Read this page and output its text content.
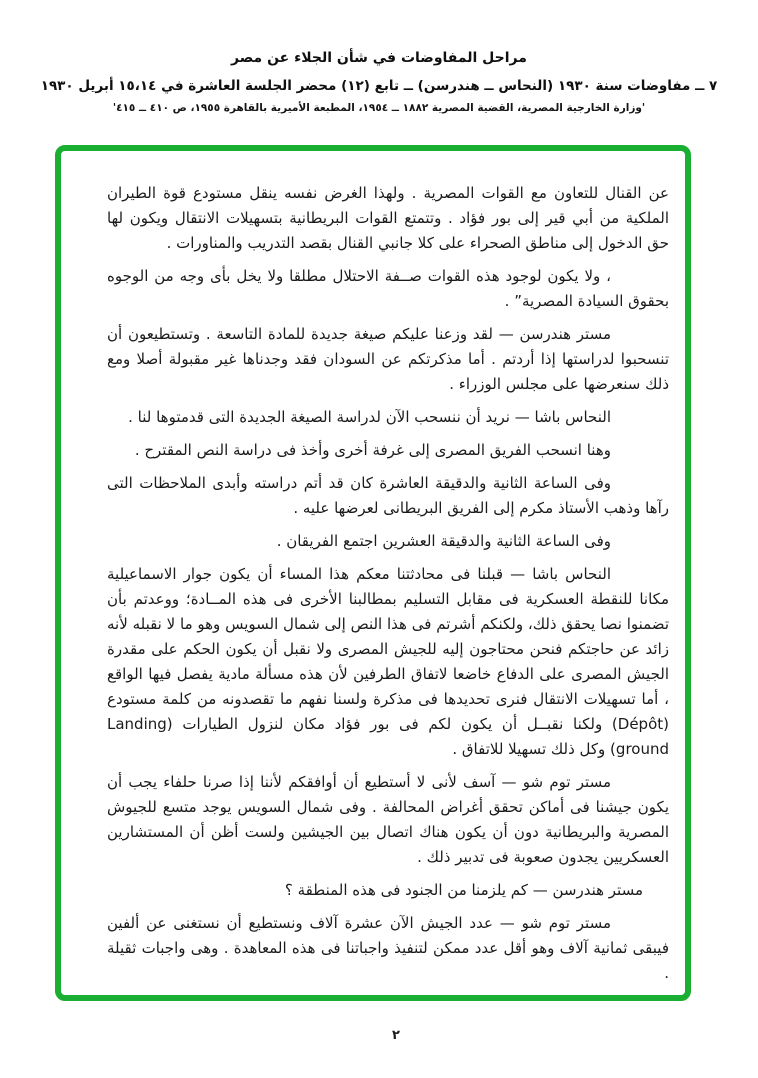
مراحل المفاوضات في شأن الجلاء عن مصر
٧ ــ مفاوضات سنة ١٩٣٠ (النحاس ــ هندرسن) ــ تابع (١٢) محضر الجلسة العاشرة في ١٥،١٤ أبريل ١٩٣٠
'وزارة الخارجية المصرية، القضية المصرية ١٨٨٢ ــ ١٩٥٤، المطبعة الأميرية بالقاهرة ١٩٥٥، ص ٤١٠ ــ ٤١٥'

عن القنال للتعاون مع القوات المصرية . ولهذا الغرض نفسه ينقل مستودع قوة الطيران الملكية من أبي قير إلى بور فؤاد . وتتمتع القوات البريطانية بتسهيلات الانتقال ويكون لها حق الدخول إلى مناطق الصحراء على كلا جانبي القنال بقصد التدريب والمناورات .

، ولا يكون لوجود هذه القوات صــفة الاحتلال مطلقا ولا يخل بأى وجه من الوجوه بحقوق السيادة المصرية” .

مستر هندرسن — لقد وزعنا عليكم صيغة جديدة للمادة التاسعة . وتستطيعون أن تنسحبوا لدراستها إذا أردتم . أما مذكرتكم عن السودان فقد وجدناها غير مقبولة أصلا ومع ذلك سنعرضها على مجلس الوزراء .

النحاس باشا — نريد أن ننسحب الآن لدراسة الصيغة الجديدة التى قدمتوها لنا .

وهنا انسحب الفريق المصرى إلى غرفة أخرى وأخذ فى دراسة النص المقترح .

وفى الساعة الثانية والدقيقة العاشرة كان قد أتم دراسته وأبدى الملاحظات التى رآها وذهب الأستاذ مكرم إلى الفريق البريطانى لعرضها عليه .

وفى الساعة الثانية والدقيقة العشرين اجتمع الفريقان .

النحاس باشا — قبلنا فى محادثتنا معكم هذا المساء أن يكون جوار الاسماعيلية مكانا للنقطة العسكرية فى مقابل التسليم بمطالبنا الأخرى فى هذه المــادة؛ ووعدتم بأن تضمنوا نصا يحقق ذلك، ولكنكم أشرتم فى هذا النص إلى شمال السويس وهو ما لا نقبله لأنه زائد عن حاجتكم فنحن محتاجون إليه للجيش المصرى ولا نقبل أن يكون الحكم على مقدرة الجيش المصرى على الدفاع خاضعا لاتفاق الطرفين لأن هذه مسألة مادية يفصل فيها الواقع ، أما تسهيلات الانتقال فنرى تحديدها فى مذكرة ولسنا نفهم ما تقصدونه من كلمة مستودع (Dépôt) ولكنا نقبــل أن يكون لكم فى بور فؤاد مكان لنزول الطيارات (Landing ground) وكل ذلك تسهيلا للاتفاق .

مستر توم شو — آسف لأنى لا أستطيع أن أوافقكم لأننا إذا صرنا حلفاء يجب أن يكون جيشنا فى أماكن تحقق أغراض المحالفة . وفى شمال السويس يوجد متسع للجيوش المصرية والبريطانية دون أن يكون هناك اتصال بين الجيشين ولست أظن أن المستشارين العسكريين يجدون صعوبة فى تدبير ذلك .

مستر هندرسن — كم يلزمنا من الجنود فى هذه المنطقة ؟

مستر توم شو — عدد الجيش الآن عشرة آلاف ونستطيع أن نستغنى عن ألفين فيبقى ثمانية آلاف وهو أقل عدد ممكن لتنفيذ واجباتنا فى هذه المعاهدة . وهى واجبات ثقيلة .

٢
